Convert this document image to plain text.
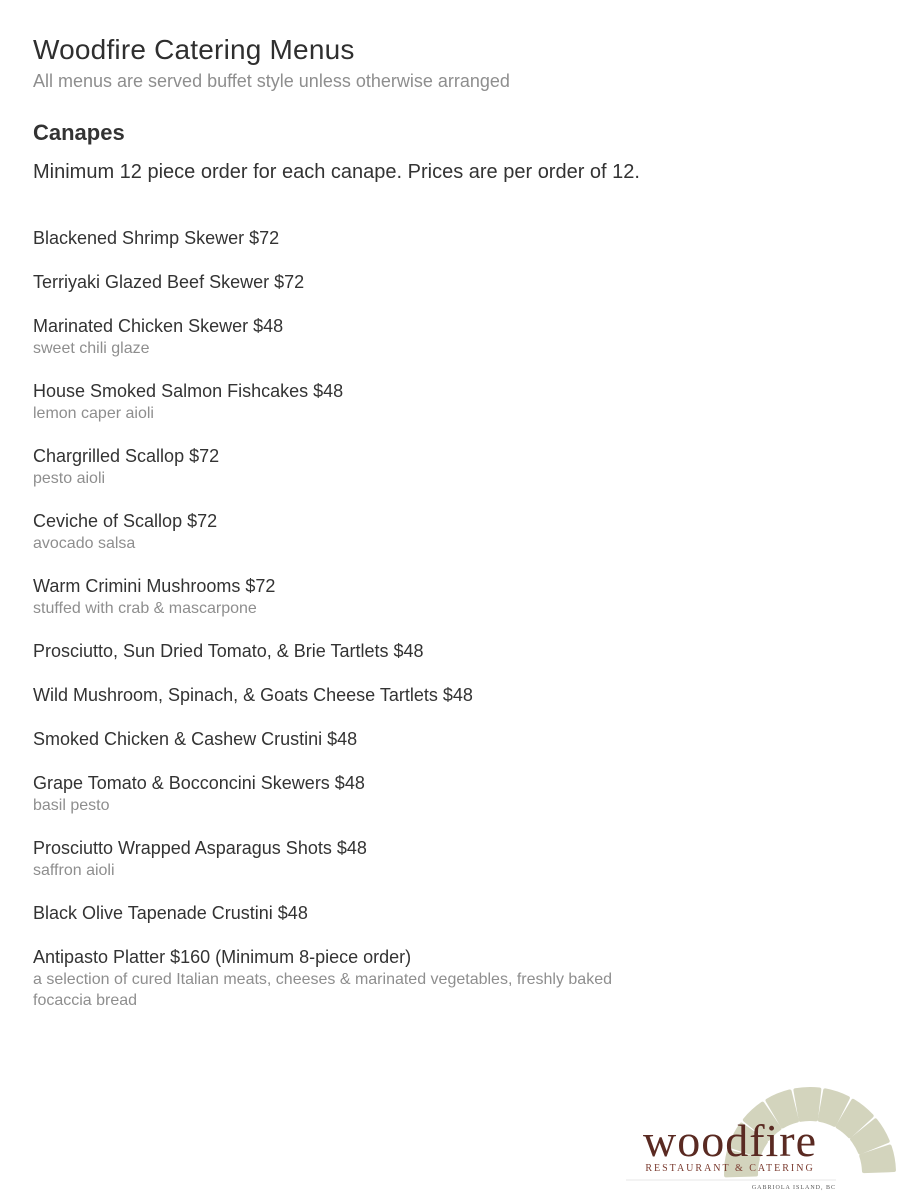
Woodfire Catering Menus
All menus are served buffet style unless otherwise arranged
Canapes
Minimum 12 piece order for each canape. Prices are per order of 12.
Blackened Shrimp Skewer $72
Terriyaki Glazed Beef Skewer $72
Marinated Chicken Skewer $48
sweet chili glaze
House Smoked Salmon Fishcakes $48
lemon caper aioli
Chargrilled Scallop $72
pesto aioli
Ceviche of Scallop $72
avocado salsa
Warm Crimini Mushrooms $72
stuffed with crab & mascarpone
Prosciutto, Sun Dried Tomato, & Brie Tartlets $48
Wild Mushroom, Spinach, & Goats Cheese Tartlets $48
Smoked Chicken & Cashew Crustini $48
Grape Tomato & Bocconcini Skewers $48
basil pesto
Prosciutto Wrapped Asparagus Shots $48
saffron aioli
Black Olive Tapenade Crustini $48
Antipasto Platter $160 (Minimum 8-piece order)
a selection of cured Italian meats, cheeses & marinated vegetables, freshly baked focaccia bread
woodfire
RESTAURANT & CATERING
GABRIOLA ISLAND, BC
